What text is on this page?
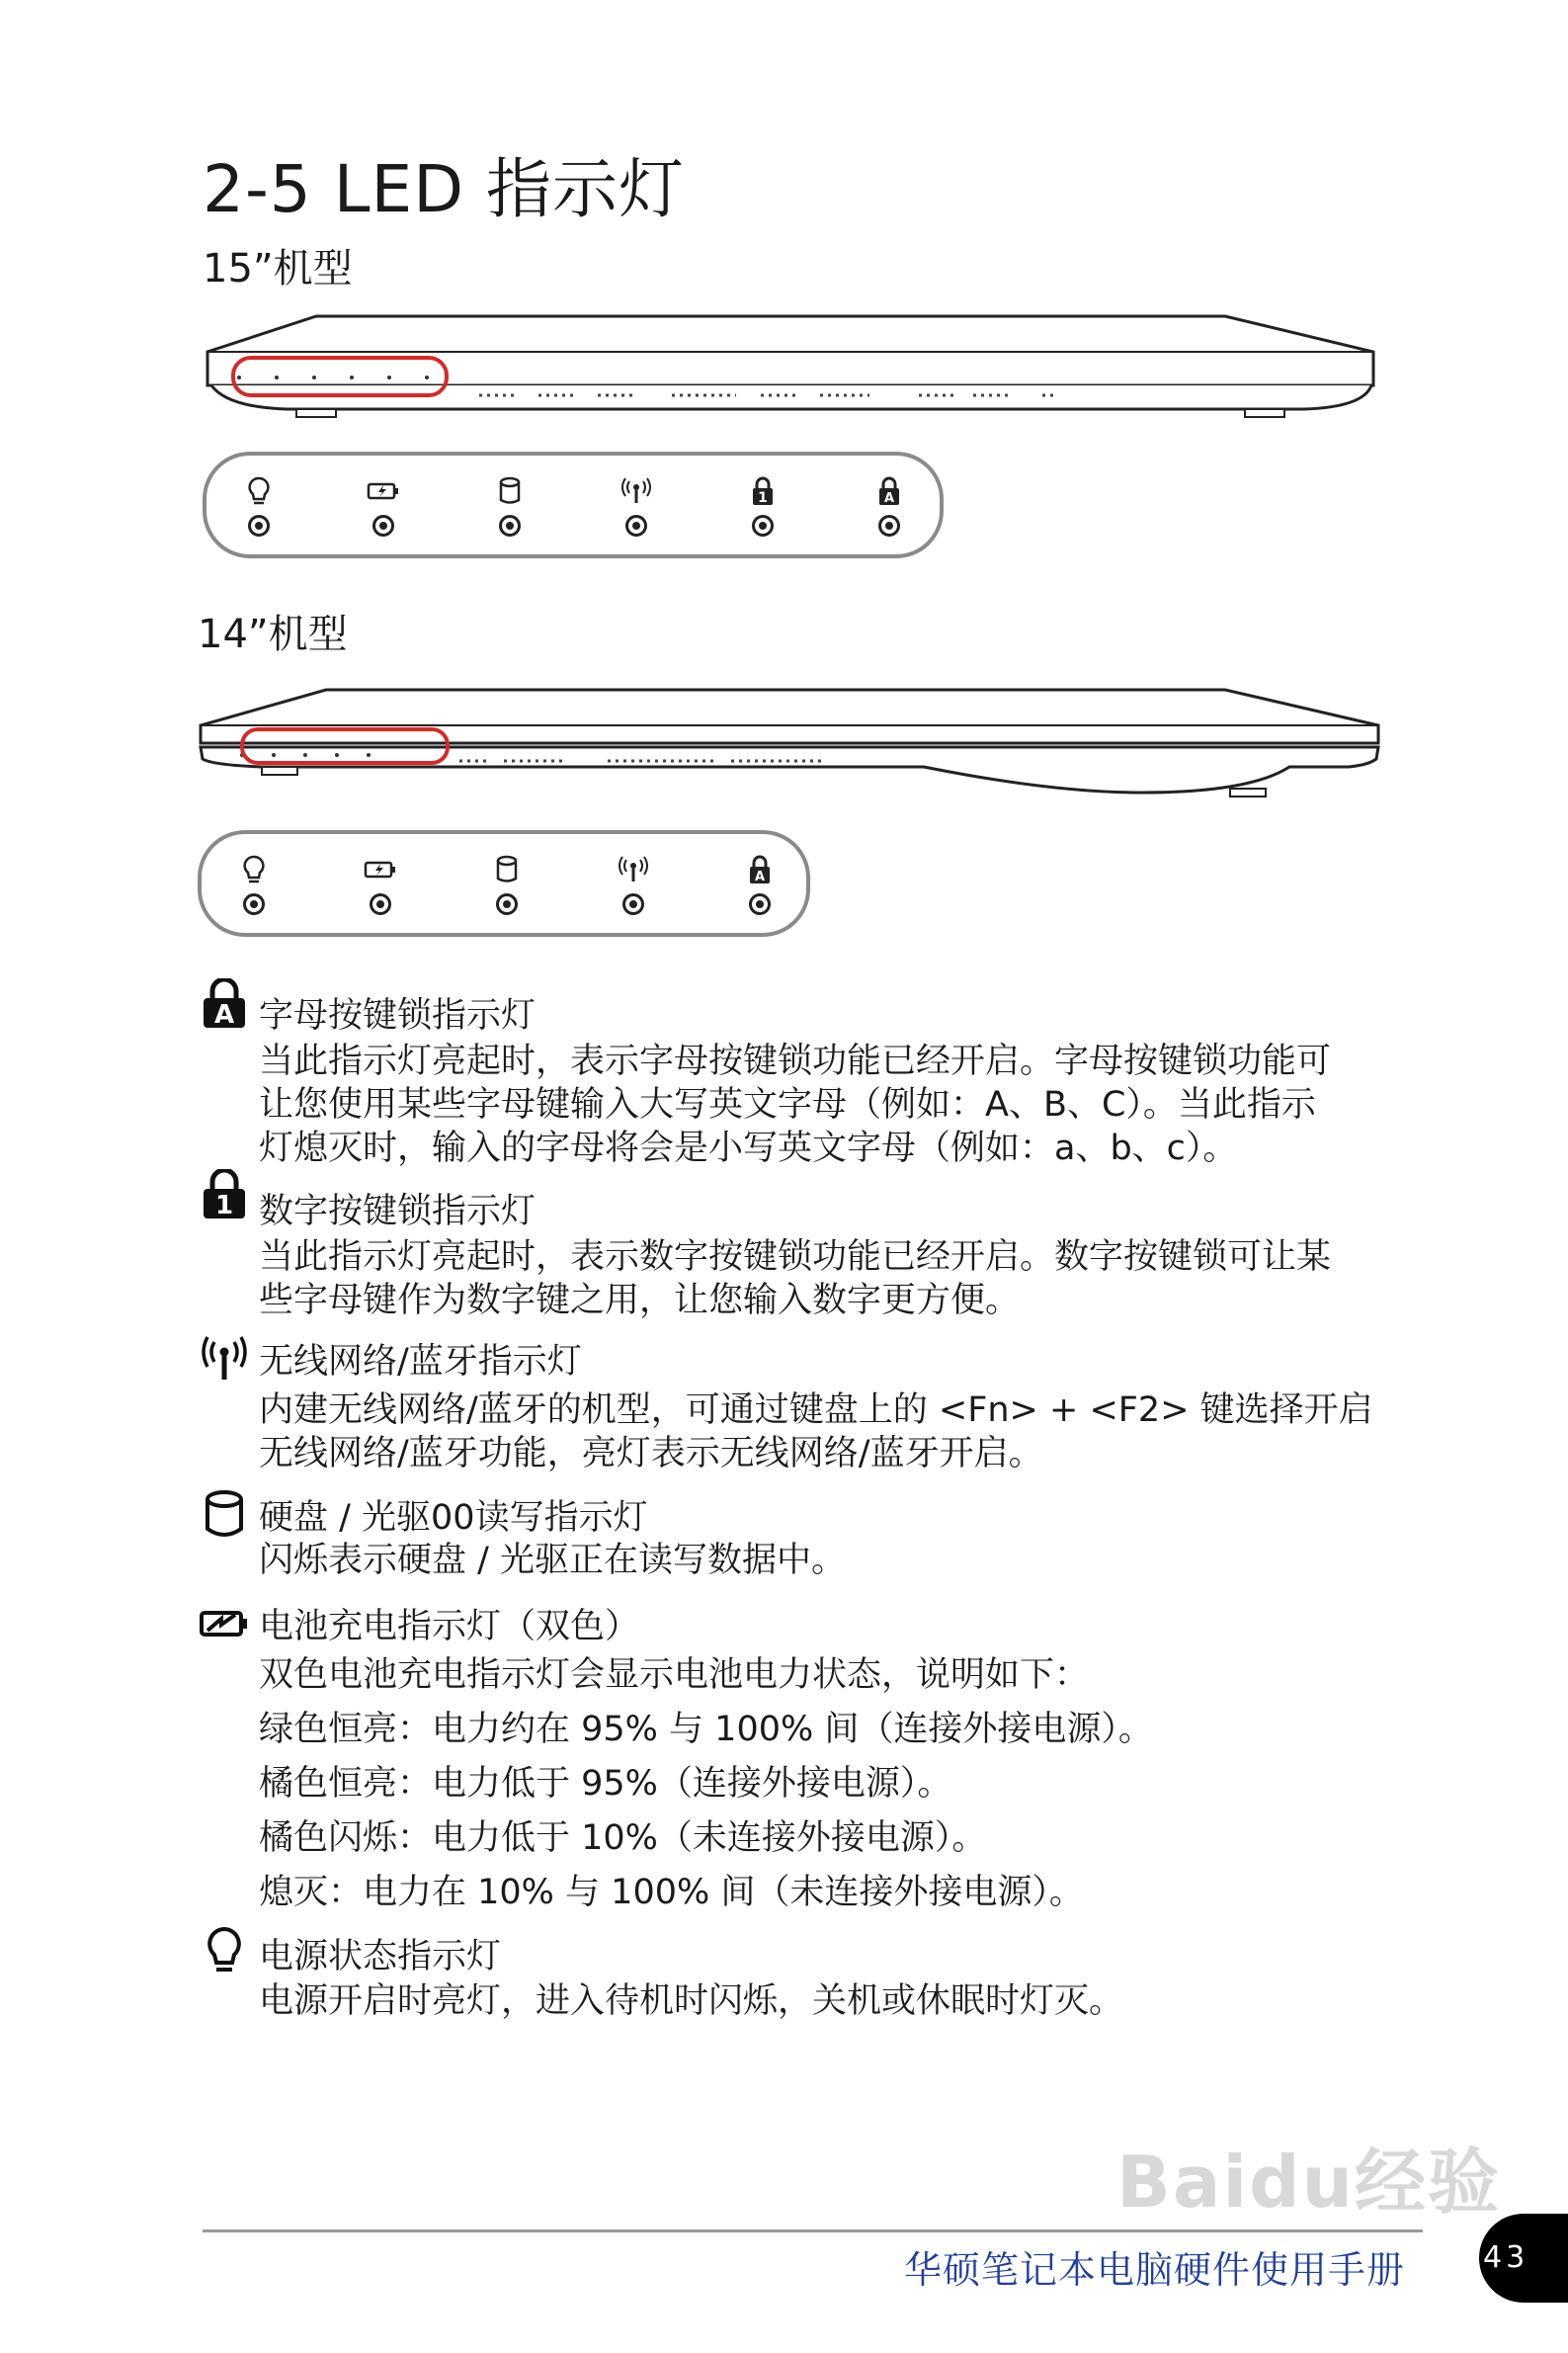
2-5 LED 指示灯
15”机型
1	A
14”机型
A
A 字母按键锁指示灯
当此指示灯亮起时，表示字母按键锁功能已经开启。字母按键锁功能可
让您使用某些字母键输入大写英文字母（例如：A、B、C）。当此指示
灯熄灭时，输入的字母将会是小写英文字母（例如：a、b、c）。
1 数字按键锁指示灯
当此指示灯亮起时，表示数字按键锁功能已经开启。数字按键锁可让某
些字母键作为数字键之用，让您输入数字更方便。
无线网络/蓝牙指示灯
内建无线网络/蓝牙的机型，可通过键盘上的 <Fn> + <F2> 键选择开启
无线网络/蓝牙功能，亮灯表示无线网络/蓝牙开启。
硬盘 / 光驱00读写指示灯
闪烁表示硬盘 / 光驱正在读写数据中。
电池充电指示灯（双色）
双色电池充电指示灯会显示电池电力状态，说明如下：
绿色恒亮：电力约在 95% 与 100% 间（连接外接电源）。
橘色恒亮：电力低于 95%（连接外接电源）。
橘色闪烁：电力低于 10%（未连接外接电源）。
熄灭：电力在 10% 与 100% 间（未连接外接电源）。
电源状态指示灯
电源开启时亮灯，进入待机时闪烁，关机或休眠时灯灭。
Baidu经验
华硕笔记本电脑硬件使用手册	43
